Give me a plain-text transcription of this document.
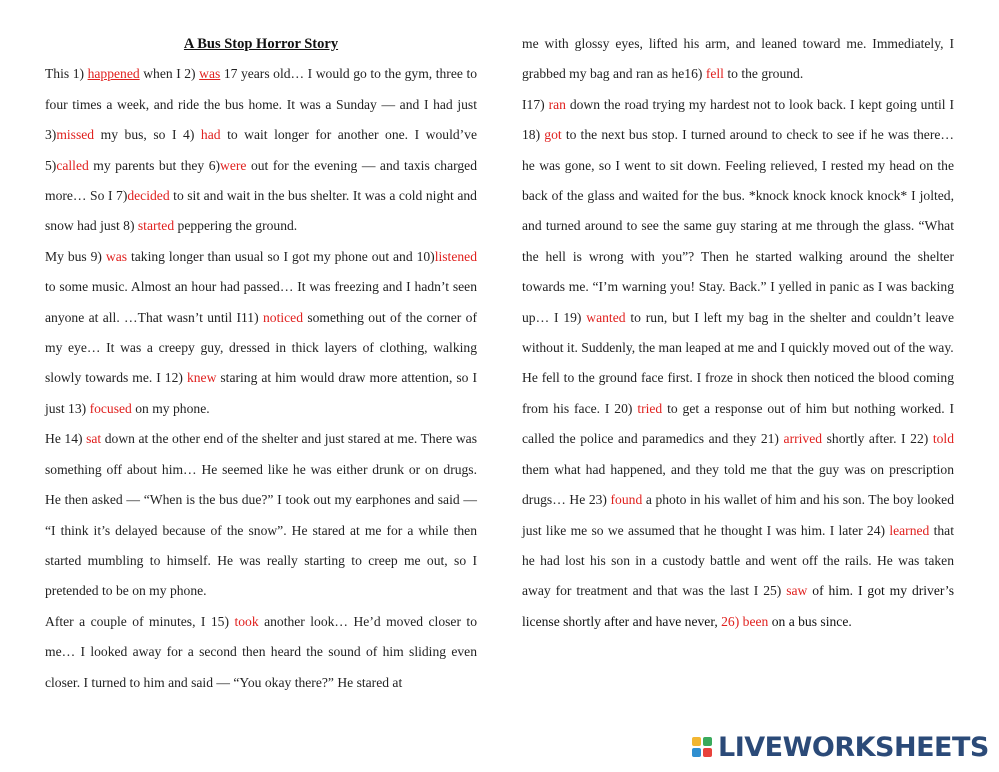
A Bus Stop Horror Story

This 1) happened when I 2) was 17 years old… I would go to the gym, three to four times a week, and ride the bus home. It was a Sunday — and I had just 3)missed my bus, so I 4) had to wait longer for another one. I would’ve 5)called my parents but they 6)were out for the evening — and taxis charged more… So I 7)decided to sit and wait in the bus shelter. It was a cold night and snow had just 8) started peppering the ground.

My bus 9) was taking longer than usual so I got my phone out and 10)listened to some music. Almost an hour had passed… It was freezing and I hadn’t seen anyone at all. …That wasn’t until I11) noticed something out of the corner of my eye… It was a creepy guy, dressed in thick layers of clothing, walking slowly towards me. I 12) knew staring at him would draw more attention, so I just 13) focused on my phone.

He 14) sat down at the other end of the shelter and just stared at me. There was something off about him… He seemed like he was either drunk or on drugs. He then asked — “When is the bus due?” I took out my earphones and said — “I think it’s delayed because of the snow”. He stared at me for a while then started mumbling to himself. He was really starting to creep me out, so I pretended to be on my phone.

After a couple of minutes, I 15) took another look… He’d moved closer to me… I looked away for a second then heard the sound of him sliding even closer. I turned to him and said — “You okay there?” He stared at

me with glossy eyes, lifted his arm, and leaned toward me. Immediately, I grabbed my bag and ran as he16) fell to the ground.

I17) ran down the road trying my hardest not to look back. I kept going until I 18) got to the next bus stop. I turned around to check to see if he was there… he was gone, so I went to sit down. Feeling relieved, I rested my head on the back of the glass and waited for the bus. *knock knock knock knock* I jolted, and turned around to see the same guy staring at me through the glass. “What the hell is wrong with you”? Then he started walking around the shelter towards me. “I’m warning you! Stay. Back.” I yelled in panic as I was backing up… I 19) wanted to run, but I left my bag in the shelter and couldn’t leave without it. Suddenly, the man leaped at me and I quickly moved out of the way.

He fell to the ground face first. I froze in shock then noticed the blood coming from his face. I 20) tried to get a response out of him but nothing worked. I called the police and paramedics and they 21) arrived shortly after. I 22) told them what had happened, and they told me that the guy was on prescription drugs… He 23) found a photo in his wallet of him and his son. The boy looked just like me so we assumed that he thought I was him. I later 24) learned that he had lost his son in a custody battle and went off the rails. He was taken away for treatment and that was the last I 25) saw of him. I got my driver’s license shortly after and have never, 26) been on a bus since.

LIVEWORKSHEETS
